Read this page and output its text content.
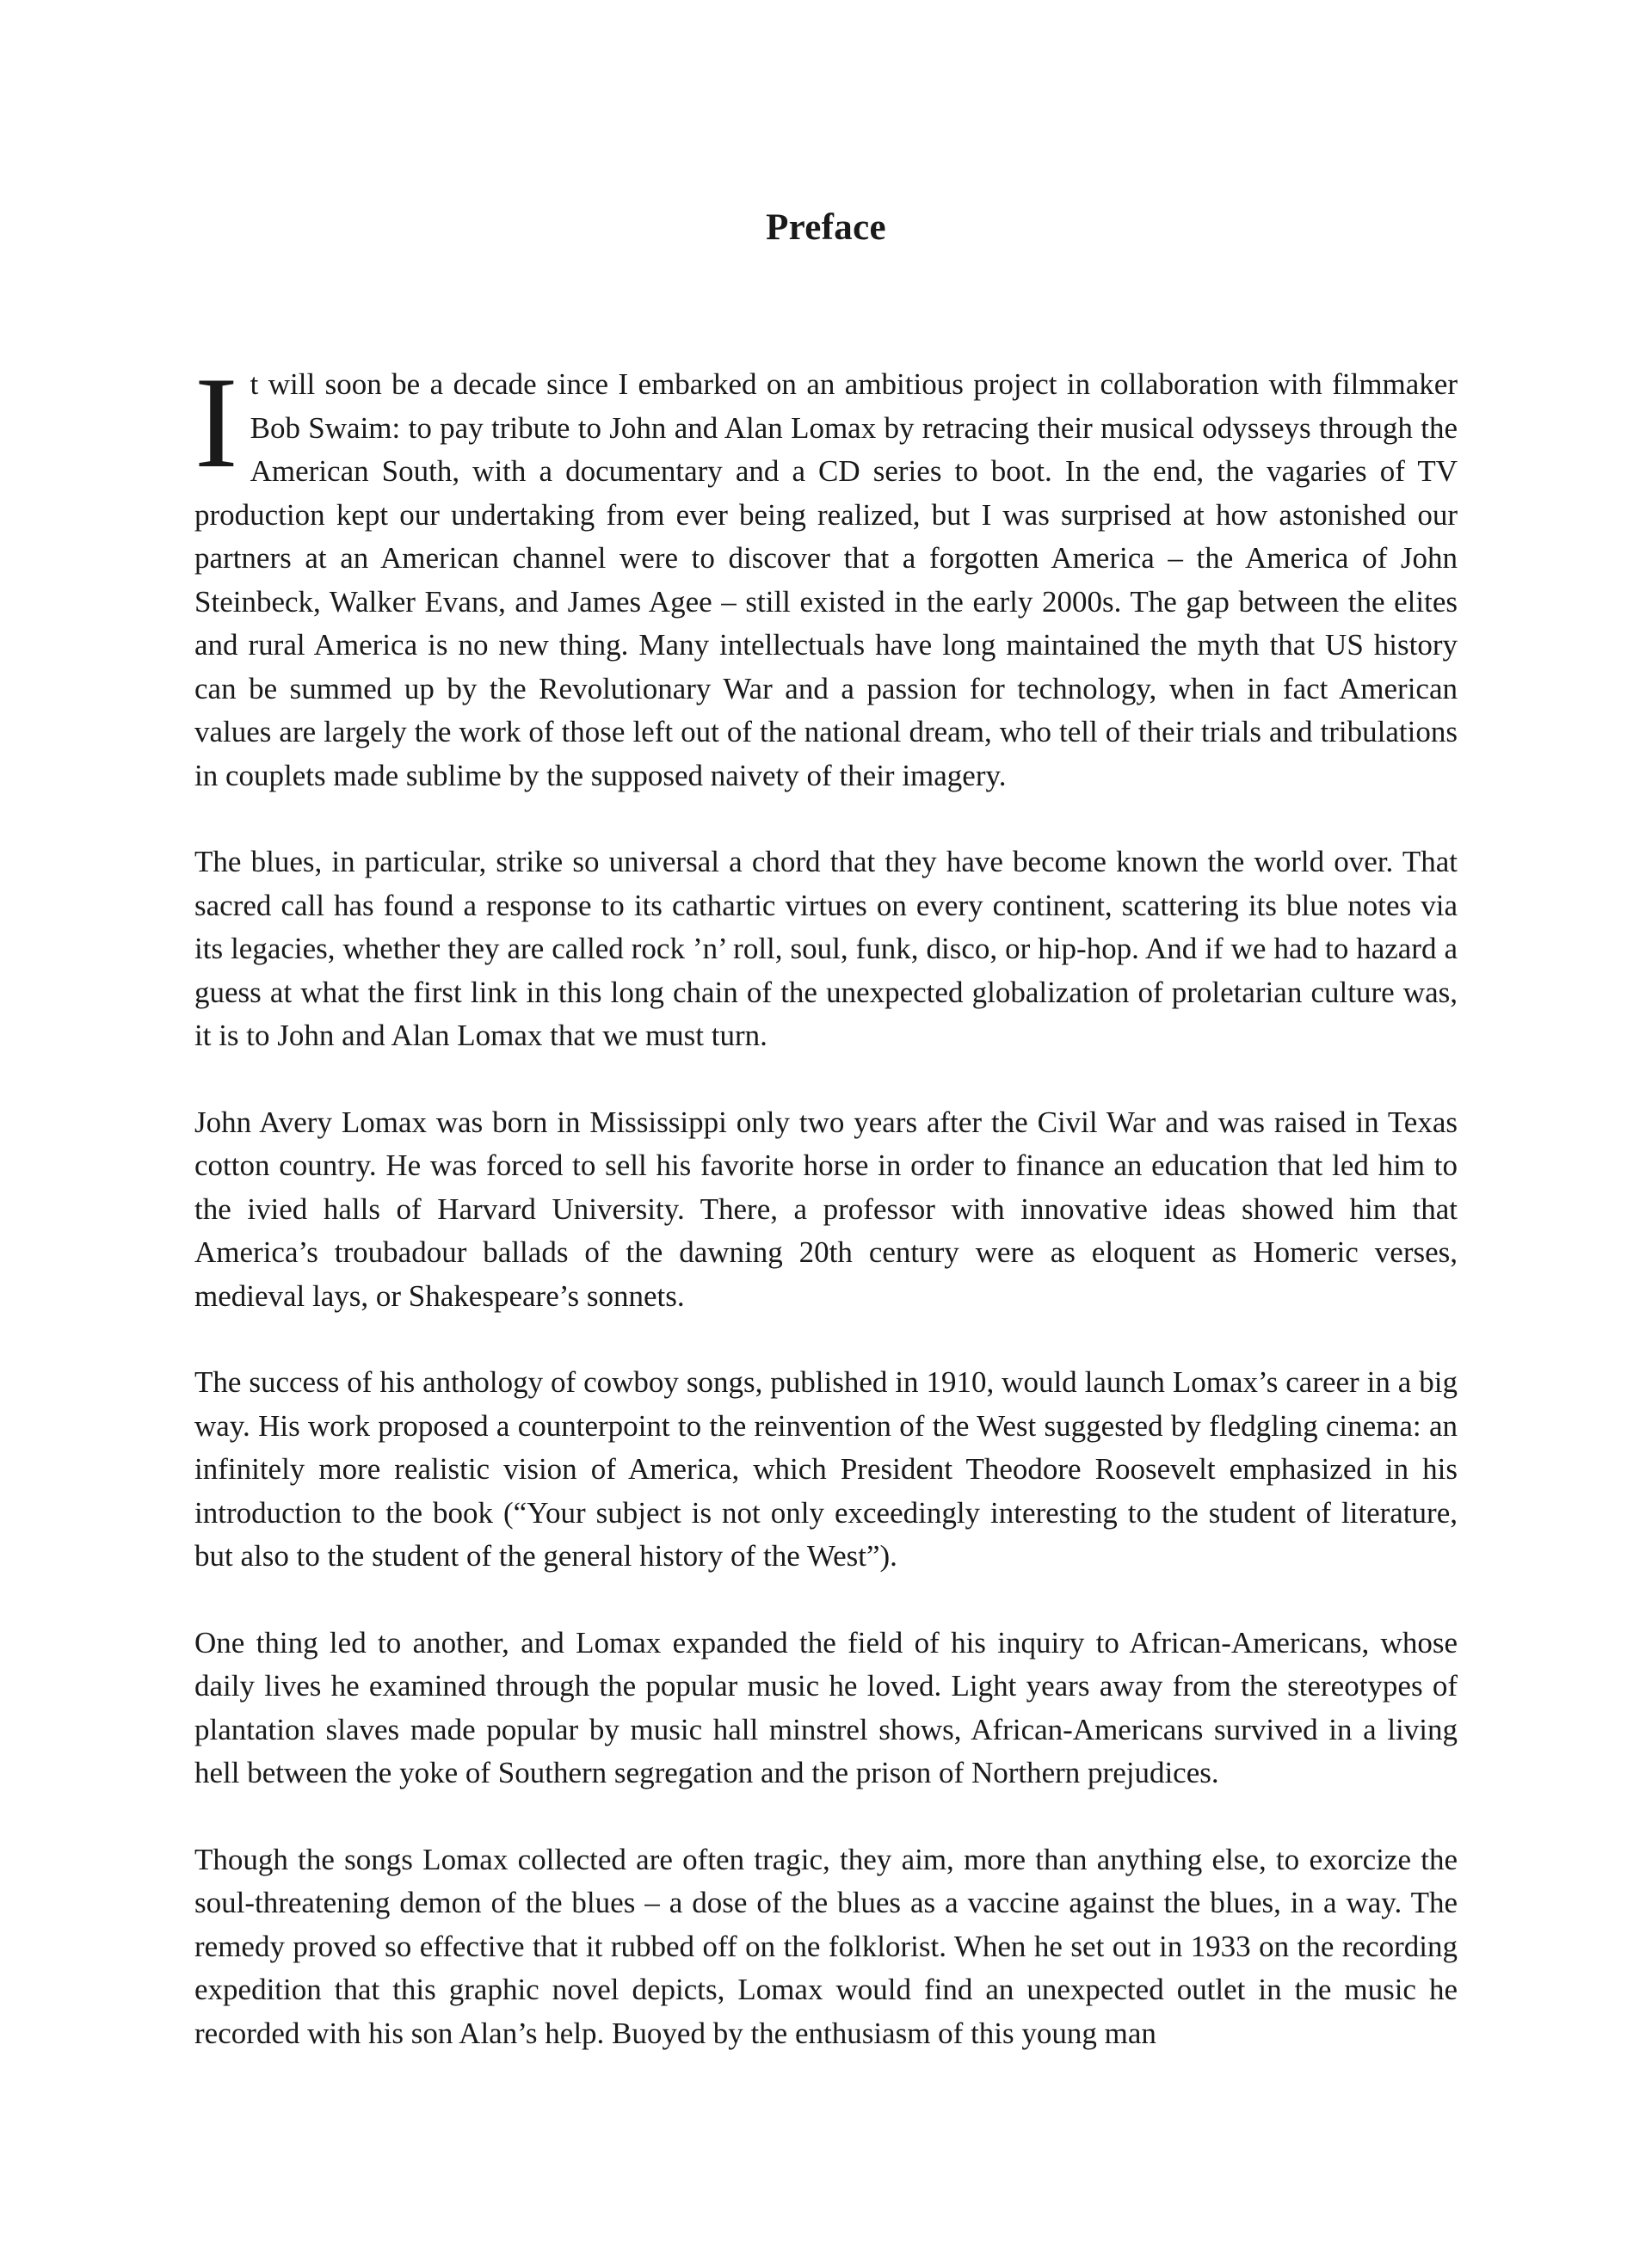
Preface

It will soon be a decade since I embarked on an ambitious project in collaboration with filmmaker Bob Swaim: to pay tribute to John and Alan Lomax by retracing their musical odysseys through the American South, with a documentary and a CD series to boot. In the end, the vagaries of TV production kept our undertaking from ever being realized, but I was surprised at how astonished our partners at an American channel were to discover that a forgotten America – the America of John Steinbeck, Walker Evans, and James Agee – still existed in the early 2000s. The gap between the elites and rural America is no new thing. Many intellectuals have long maintained the myth that US history can be summed up by the Revolutionary War and a passion for technology, when in fact American values are largely the work of those left out of the national dream, who tell of their trials and tribulations in couplets made sublime by the supposed naivety of their imagery.

The blues, in particular, strike so universal a chord that they have become known the world over. That sacred call has found a response to its cathartic virtues on every continent, scattering its blue notes via its legacies, whether they are called rock ’n’ roll, soul, funk, disco, or hip-hop. And if we had to hazard a guess at what the first link in this long chain of the unexpected globalization of proletarian culture was, it is to John and Alan Lomax that we must turn.

John Avery Lomax was born in Mississippi only two years after the Civil War and was raised in Texas cotton country. He was forced to sell his favorite horse in order to finance an education that led him to the ivied halls of Harvard University. There, a professor with innovative ideas showed him that America’s troubadour ballads of the dawning 20th century were as eloquent as Homeric verses, medieval lays, or Shakespeare’s sonnets.

The success of his anthology of cowboy songs, published in 1910, would launch Lomax’s career in a big way. His work proposed a counterpoint to the reinvention of the West suggested by fledgling cinema: an infinitely more realistic vision of America, which President Theodore Roosevelt emphasized in his introduction to the book (“Your subject is not only exceedingly interesting to the student of literature, but also to the student of the general history of the West”).

One thing led to another, and Lomax expanded the field of his inquiry to African-Americans, whose daily lives he examined through the popular music he loved. Light years away from the stereotypes of plantation slaves made popular by music hall minstrel shows, African-Americans survived in a living hell between the yoke of Southern segregation and the prison of Northern prejudices.

Though the songs Lomax collected are often tragic, they aim, more than anything else, to exorcize the soul-threatening demon of the blues – a dose of the blues as a vaccine against the blues, in a way. The remedy proved so effective that it rubbed off on the folklorist. When he set out in 1933 on the recording expedition that this graphic novel depicts, Lomax would find an unexpected outlet in the music he recorded with his son Alan’s help. Buoyed by the enthusiasm of this young man
